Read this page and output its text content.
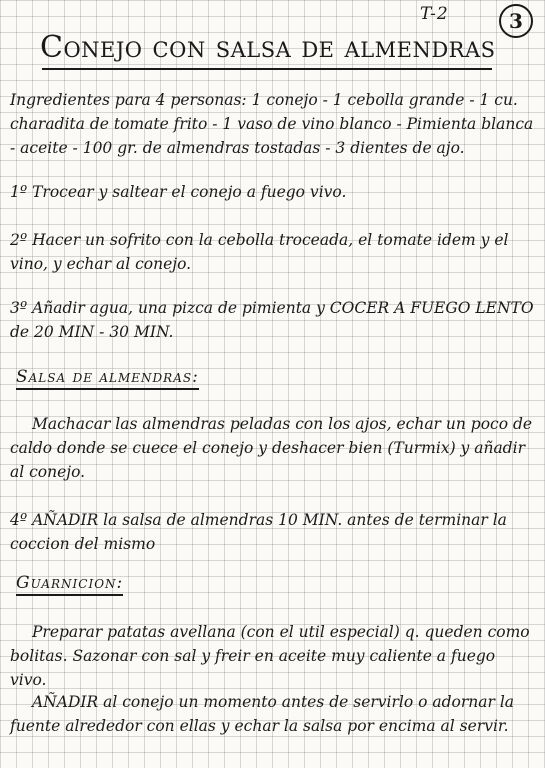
T-2	3
Conejo con salsa de almendras
Ingredientes para 4 personas: 1 conejo - 1 cebolla grande - 1 cu. charadita de tomate frito - 1 vaso de vino blanco - Pimienta blanca - aceite - 100 gr. de almendras tostadas - 3 dientes de ajo.
1º Trocear y saltear el conejo a fuego vivo.
2º Hacer un sofrito con la cebolla troceada, el tomate idem y el vino, y echar al conejo.
3º Añadir agua, una pizca de pimienta y COCER A FUEGO LENTO de 20 MIN - 30 MIN.
Salsa de almendras:
Machacar las almendras peladas con los ajos, echar un poco de caldo donde se cuece el conejo y deshacer bien (Turmix) y añadir al conejo.
4º AÑADIR la salsa de almendras 10 MIN. antes de terminar la coccion del mismo
Guarnicion:
Preparar patatas avellana (con el util especial) q. queden como bolitas. Sazonar con sal y freir en aceite muy caliente a fuego vivo.
AÑADIR al conejo un momento antes de servirlo o adornar la fuente alrededor con ellas y echar la salsa por encima al servir.
